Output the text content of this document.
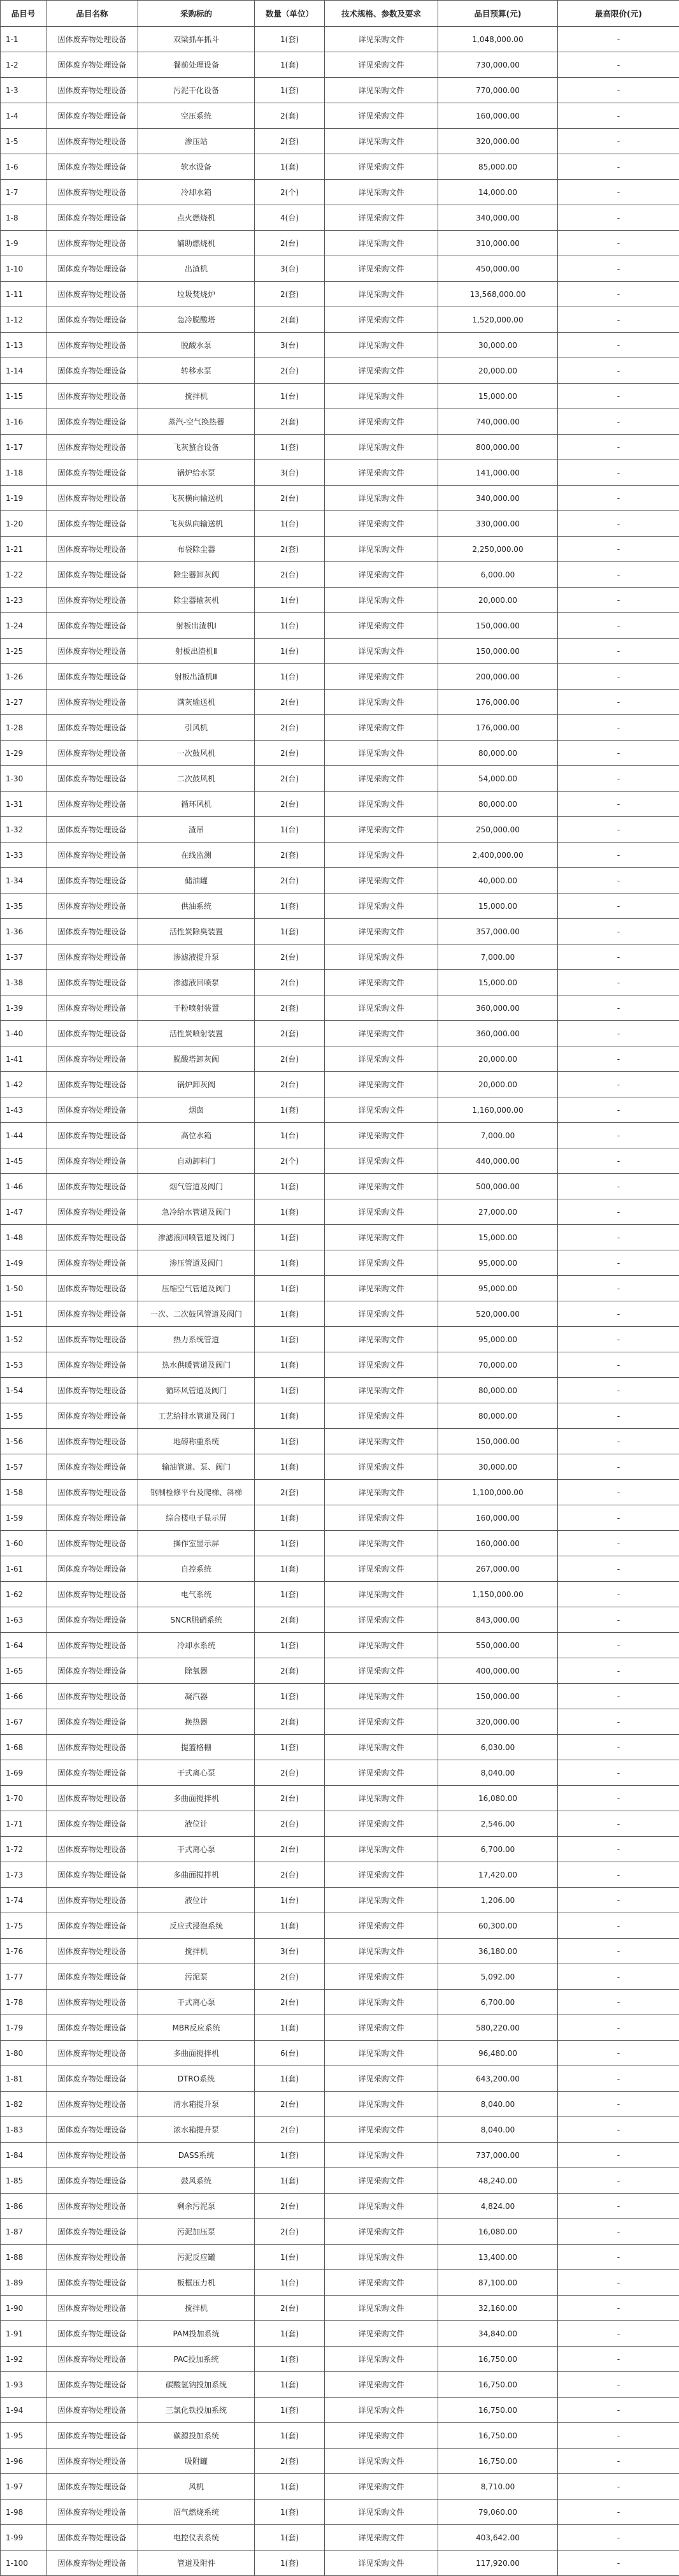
品目号	品目名称	采购标的	数量（单位）	技术规格、参数及要求	品目预算(元)	最高限价(元)
1-1	固体废弃物处理设备	双梁抓车抓斗	1(套)	详见采购文件	1,048,000.00	-
1-2	固体废弃物处理设备	餐前处理设备	1(套)	详见采购文件	730,000.00	-
1-3	固体废弃物处理设备	污泥干化设备	1(套)	详见采购文件	770,000.00	-
1-4	固体废弃物处理设备	空压系统	2(套)	详见采购文件	160,000.00	-
1-5	固体废弃物处理设备	渗压站	2(套)	详见采购文件	320,000.00	-
1-6	固体废弃物处理设备	软水设备	1(套)	详见采购文件	85,000.00	-
1-7	固体废弃物处理设备	冷却水箱	2(个)	详见采购文件	14,000.00	-
1-8	固体废弃物处理设备	点火燃烧机	4(台)	详见采购文件	340,000.00	-
1-9	固体废弃物处理设备	辅助燃烧机	2(台)	详见采购文件	310,000.00	-
1-10	固体废弃物处理设备	出渣机	3(台)	详见采购文件	450,000.00	-
1-11	固体废弃物处理设备	垃圾焚烧炉	2(套)	详见采购文件	13,568,000.00	-
1-12	固体废弃物处理设备	急冷脱酸塔	2(套)	详见采购文件	1,520,000.00	-
1-13	固体废弃物处理设备	脱酸水泵	3(台)	详见采购文件	30,000.00	-
1-14	固体废弃物处理设备	转移水泵	2(台)	详见采购文件	20,000.00	-
1-15	固体废弃物处理设备	搅拌机	1(台)	详见采购文件	15,000.00	-
1-16	固体废弃物处理设备	蒸汽-空气换热器	2(套)	详见采购文件	740,000.00	-
1-17	固体废弃物处理设备	飞灰螯合设备	1(套)	详见采购文件	800,000.00	-
1-18	固体废弃物处理设备	锅炉给水泵	3(台)	详见采购文件	141,000.00	-
1-19	固体废弃物处理设备	飞灰横向输送机	2(台)	详见采购文件	340,000.00	-
1-20	固体废弃物处理设备	飞灰纵向输送机	1(台)	详见采购文件	330,000.00	-
1-21	固体废弃物处理设备	布袋除尘器	2(套)	详见采购文件	2,250,000.00	-
1-22	固体废弃物处理设备	除尘器卸灰阀	2(台)	详见采购文件	6,000.00	-
1-23	固体废弃物处理设备	除尘器输灰机	1(台)	详见采购文件	20,000.00	-
1-24	固体废弃物处理设备	射板出渣机Ⅰ	1(台)	详见采购文件	150,000.00	-
1-25	固体废弃物处理设备	射板出渣机Ⅱ	1(台)	详见采购文件	150,000.00	-
1-26	固体废弃物处理设备	射板出渣机Ⅲ	1(台)	详见采购文件	200,000.00	-
1-27	固体废弃物处理设备	满灰输送机	2(台)	详见采购文件	176,000.00	-
1-28	固体废弃物处理设备	引风机	2(台)	详见采购文件	176,000.00	-
1-29	固体废弃物处理设备	一次鼓风机	2(台)	详见采购文件	80,000.00	-
1-30	固体废弃物处理设备	二次鼓风机	2(台)	详见采购文件	54,000.00	-
1-31	固体废弃物处理设备	循环风机	2(台)	详见采购文件	80,000.00	-
1-32	固体废弃物处理设备	渣吊	1(台)	详见采购文件	250,000.00	-
1-33	固体废弃物处理设备	在线监测	2(套)	详见采购文件	2,400,000.00	-
1-34	固体废弃物处理设备	储油罐	2(台)	详见采购文件	40,000.00	-
1-35	固体废弃物处理设备	供油系统	1(套)	详见采购文件	15,000.00	-
1-36	固体废弃物处理设备	活性炭除臭装置	1(套)	详见采购文件	357,000.00	-
1-37	固体废弃物处理设备	渗滤液提升泵	2(台)	详见采购文件	7,000.00	-
1-38	固体废弃物处理设备	渗滤液回喷泵	2(台)	详见采购文件	15,000.00	-
1-39	固体废弃物处理设备	干粉喷射装置	2(套)	详见采购文件	360,000.00	-
1-40	固体废弃物处理设备	活性炭喷射装置	2(套)	详见采购文件	360,000.00	-
1-41	固体废弃物处理设备	脱酸塔卸灰阀	2(台)	详见采购文件	20,000.00	-
1-42	固体废弃物处理设备	锅炉卸灰阀	2(台)	详见采购文件	20,000.00	-
1-43	固体废弃物处理设备	烟囱	1(套)	详见采购文件	1,160,000.00	-
1-44	固体废弃物处理设备	高位水箱	1(台)	详见采购文件	7,000.00	-
1-45	固体废弃物处理设备	自动卸料门	2(个)	详见采购文件	440,000.00	-
1-46	固体废弃物处理设备	烟气管道及阀门	1(套)	详见采购文件	500,000.00	-
1-47	固体废弃物处理设备	急冷给水管道及阀门	1(套)	详见采购文件	27,000.00	-
1-48	固体废弃物处理设备	渗滤液回喷管道及阀门	1(套)	详见采购文件	15,000.00	-
1-49	固体废弃物处理设备	渗压管道及阀门	1(套)	详见采购文件	95,000.00	-
1-50	固体废弃物处理设备	压缩空气管道及阀门	1(套)	详见采购文件	95,000.00	-
1-51	固体废弃物处理设备	一次、二次鼓风管道及阀门	1(套)	详见采购文件	520,000.00	-
1-52	固体废弃物处理设备	热力系统管道	1(套)	详见采购文件	95,000.00	-
1-53	固体废弃物处理设备	热水供暖管道及阀门	1(套)	详见采购文件	70,000.00	-
1-54	固体废弃物处理设备	循环风管道及阀门	1(套)	详见采购文件	80,000.00	-
1-55	固体废弃物处理设备	工艺给排水管道及阀门	1(套)	详见采购文件	80,000.00	-
1-56	固体废弃物处理设备	地磅称重系统	1(套)	详见采购文件	150,000.00	-
1-57	固体废弃物处理设备	输油管道、泵、阀门	1(套)	详见采购文件	30,000.00	-
1-58	固体废弃物处理设备	钢制检修平台及爬梯、斜梯	2(套)	详见采购文件	1,100,000.00	-
1-59	固体废弃物处理设备	综合楼电子显示屏	1(套)	详见采购文件	160,000.00	-
1-60	固体废弃物处理设备	操作室显示屏	1(套)	详见采购文件	160,000.00	-
1-61	固体废弃物处理设备	自控系统	1(套)	详见采购文件	267,000.00	-
1-62	固体废弃物处理设备	电气系统	1(套)	详见采购文件	1,150,000.00	-
1-63	固体废弃物处理设备	SNCR脱硝系统	2(套)	详见采购文件	843,000.00	-
1-64	固体废弃物处理设备	冷却水系统	1(套)	详见采购文件	550,000.00	-
1-65	固体废弃物处理设备	除氧器	2(套)	详见采购文件	400,000.00	-
1-66	固体废弃物处理设备	凝汽器	1(套)	详见采购文件	150,000.00	-
1-67	固体废弃物处理设备	换热器	2(套)	详见采购文件	320,000.00	-
1-68	固体废弃物处理设备	提篮格栅	1(套)	详见采购文件	6,030.00	-
1-69	固体废弃物处理设备	干式离心泵	2(台)	详见采购文件	8,040.00	-
1-70	固体废弃物处理设备	多曲面搅拌机	2(台)	详见采购文件	16,080.00	-
1-71	固体废弃物处理设备	液位计	2(台)	详见采购文件	2,546.00	-
1-72	固体废弃物处理设备	干式离心泵	2(台)	详见采购文件	6,700.00	-
1-73	固体废弃物处理设备	多曲面搅拌机	2(台)	详见采购文件	17,420.00	-
1-74	固体废弃物处理设备	液位计	1(台)	详见采购文件	1,206.00	-
1-75	固体废弃物处理设备	反应式浸泡系统	1(套)	详见采购文件	60,300.00	-
1-76	固体废弃物处理设备	搅拌机	3(台)	详见采购文件	36,180.00	-
1-77	固体废弃物处理设备	污泥泵	2(台)	详见采购文件	5,092.00	-
1-78	固体废弃物处理设备	干式离心泵	2(台)	详见采购文件	6,700.00	-
1-79	固体废弃物处理设备	MBR反应系统	1(套)	详见采购文件	580,220.00	-
1-80	固体废弃物处理设备	多曲面搅拌机	6(台)	详见采购文件	96,480.00	-
1-81	固体废弃物处理设备	DTRO系统	1(套)	详见采购文件	643,200.00	-
1-82	固体废弃物处理设备	清水箱提升泵	2(台)	详见采购文件	8,040.00	-
1-83	固体废弃物处理设备	浓水箱提升泵	2(台)	详见采购文件	8,040.00	-
1-84	固体废弃物处理设备	DASS系统	1(套)	详见采购文件	737,000.00	-
1-85	固体废弃物处理设备	鼓风系统	1(套)	详见采购文件	48,240.00	-
1-86	固体废弃物处理设备	剩余污泥泵	2(台)	详见采购文件	4,824.00	-
1-87	固体废弃物处理设备	污泥加压泵	2(台)	详见采购文件	16,080.00	-
1-88	固体废弃物处理设备	污泥反应罐	1(台)	详见采购文件	13,400.00	-
1-89	固体废弃物处理设备	板框压力机	1(台)	详见采购文件	87,100.00	-
1-90	固体废弃物处理设备	搅拌机	2(台)	详见采购文件	32,160.00	-
1-91	固体废弃物处理设备	PAM投加系统	1(套)	详见采购文件	34,840.00	-
1-92	固体废弃物处理设备	PAC投加系统	1(套)	详见采购文件	16,750.00	-
1-93	固体废弃物处理设备	碳酸氢钠投加系统	1(套)	详见采购文件	16,750.00	-
1-94	固体废弃物处理设备	三氯化铁投加系统	1(套)	详见采购文件	16,750.00	-
1-95	固体废弃物处理设备	碳源投加系统	1(套)	详见采购文件	16,750.00	-
1-96	固体废弃物处理设备	吸附罐	2(套)	详见采购文件	16,750.00	-
1-97	固体废弃物处理设备	风机	1(套)	详见采购文件	8,710.00	-
1-98	固体废弃物处理设备	沼气燃烧系统	1(套)	详见采购文件	79,060.00	-
1-99	固体废弃物处理设备	电控仪表系统	1(套)	详见采购文件	403,642.00	-
1-100	固体废弃物处理设备	管道及附件	1(套)	详见采购文件	117,920.00	-
